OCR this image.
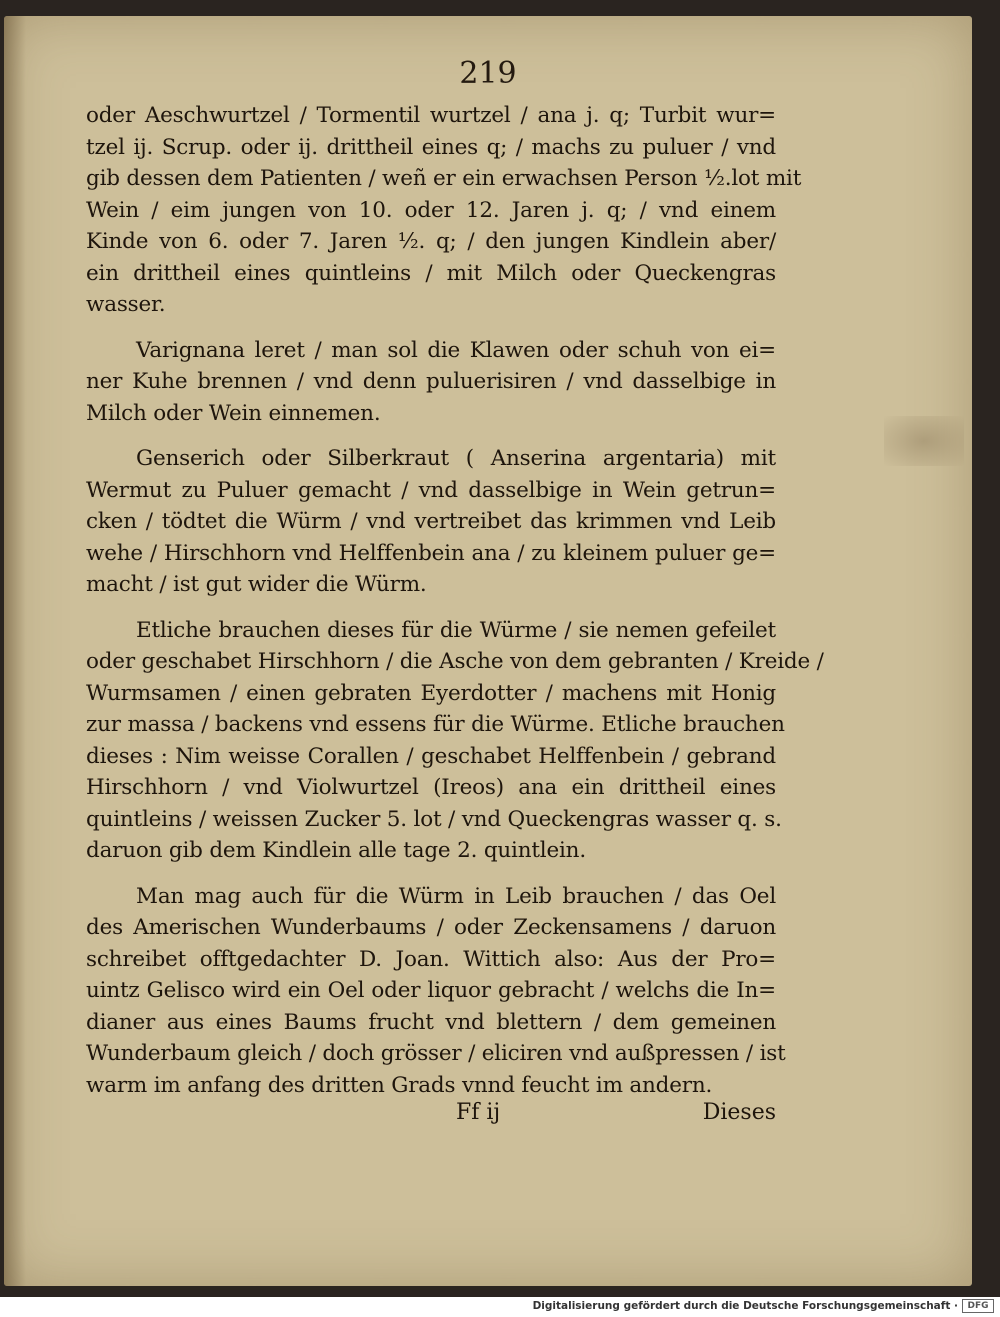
219
oder Aeschwurtzel / Tormentil wurtzel / ana j. q; Turbit wur=
tzel ij. Scrup. oder ij. drittheil eines q; / machs zu puluer / vnd
gib dessen dem Patienten / weñ er ein erwachsen Person ½.lot mit
Wein / eim jungen von 10. oder 12. Jaren j. q; / vnd einem
Kinde von 6. oder 7. Jaren ½. q; / den jungen Kindlein aber/
ein drittheil eines quintleins / mit Milch oder Queckengras
wasser.
Varignana leret / man sol die Klawen oder schuh von ei=
ner Kuhe brennen / vnd denn puluerisiren / vnd dasselbige in
Milch oder Wein einnemen.
Genserich oder Silberkraut ( Anserina argentaria) mit
Wermut zu Puluer gemacht / vnd dasselbige in Wein getrun=
cken / tödtet die Würm / vnd vertreibet das krimmen vnd Leib
wehe / Hirschhorn vnd Helffenbein ana / zu kleinem puluer ge=
macht / ist gut wider die Würm.
Etliche brauchen dieses für die Würme / sie nemen gefeilet
oder geschabet Hirschhorn / die Asche von dem gebranten / Kreide /
Wurmsamen / einen gebraten Eyerdotter / machens mit Honig
zur massa / backens vnd essens für die Würme. Etliche brauchen
dieses : Nim weisse Corallen / geschabet Helffenbein / gebrand
Hirschhorn / vnd Violwurtzel (Ireos) ana ein drittheil eines
quintleins / weissen Zucker 5. lot / vnd Queckengras wasser q. s.
daruon gib dem Kindlein alle tage 2. quintlein.
Man mag auch für die Würm in Leib brauchen / das Oel
des Amerischen Wunderbaums / oder Zeckensamens / daruon
schreibet offtgedachter D. Joan. Wittich also: Aus der Pro=
uintz Gelisco wird ein Oel oder liquor gebracht / welchs die In=
dianer aus eines Baums frucht vnd blettern / dem gemeinen
Wunderbaum gleich / doch grösser / eliciren vnd außpressen / ist
warm im anfang des dritten Grads vnnd feucht im andern.
Ff ij	Dieses
Digitalisierung gefördert durch die Deutsche Forschungsgemeinschaft ·	DFG
